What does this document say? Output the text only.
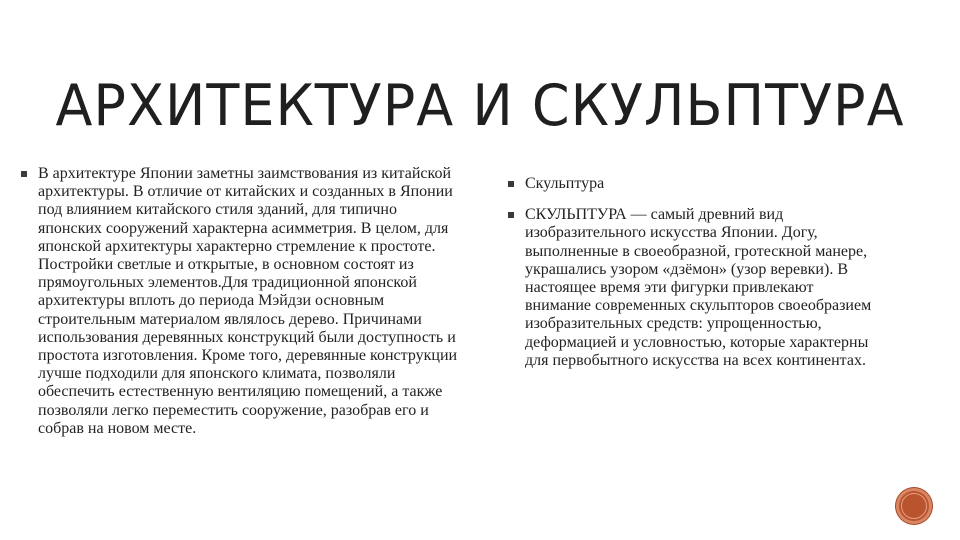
АРХИТЕКТУРА И СКУЛЬПТУРА
В архитектуре Японии заметны заимствования из китайской архитектуры. В отличие от китайских и созданных в Японии под влиянием китайского стиля зданий, для типично японских сооружений характерна асимметрия. В целом, для японской архитектуры характерно стремление к простоте. Постройки светлые и открытые, в основном состоят из прямоугольных элементов.Для традиционной японской архитектуры вплоть до периода Мэйдзи основным строительным материалом являлось дерево. Причинами использования деревянных конструкций были доступность и простота изготовления. Кроме того, деревянные конструкции лучше подходили для японского климата, позволяли обеспечить естественную вентиляцию помещений, а также позволяли легко переместить сооружение, разобрав его и собрав на новом месте.
Скульптура
СКУЛЬПТУРА — самый древний вид изобразительного искусства Японии. Догу, выполненные в своеобразной, гротескной манере, украшались узором «дзёмон» (узор веревки). В настоящее время эти фигурки привлекают внимание современных скульпторов своеобразием изобразительных средств: упрощенностью, деформацией и условностью, которые характерны для первобытного искусства на всех континентах.
